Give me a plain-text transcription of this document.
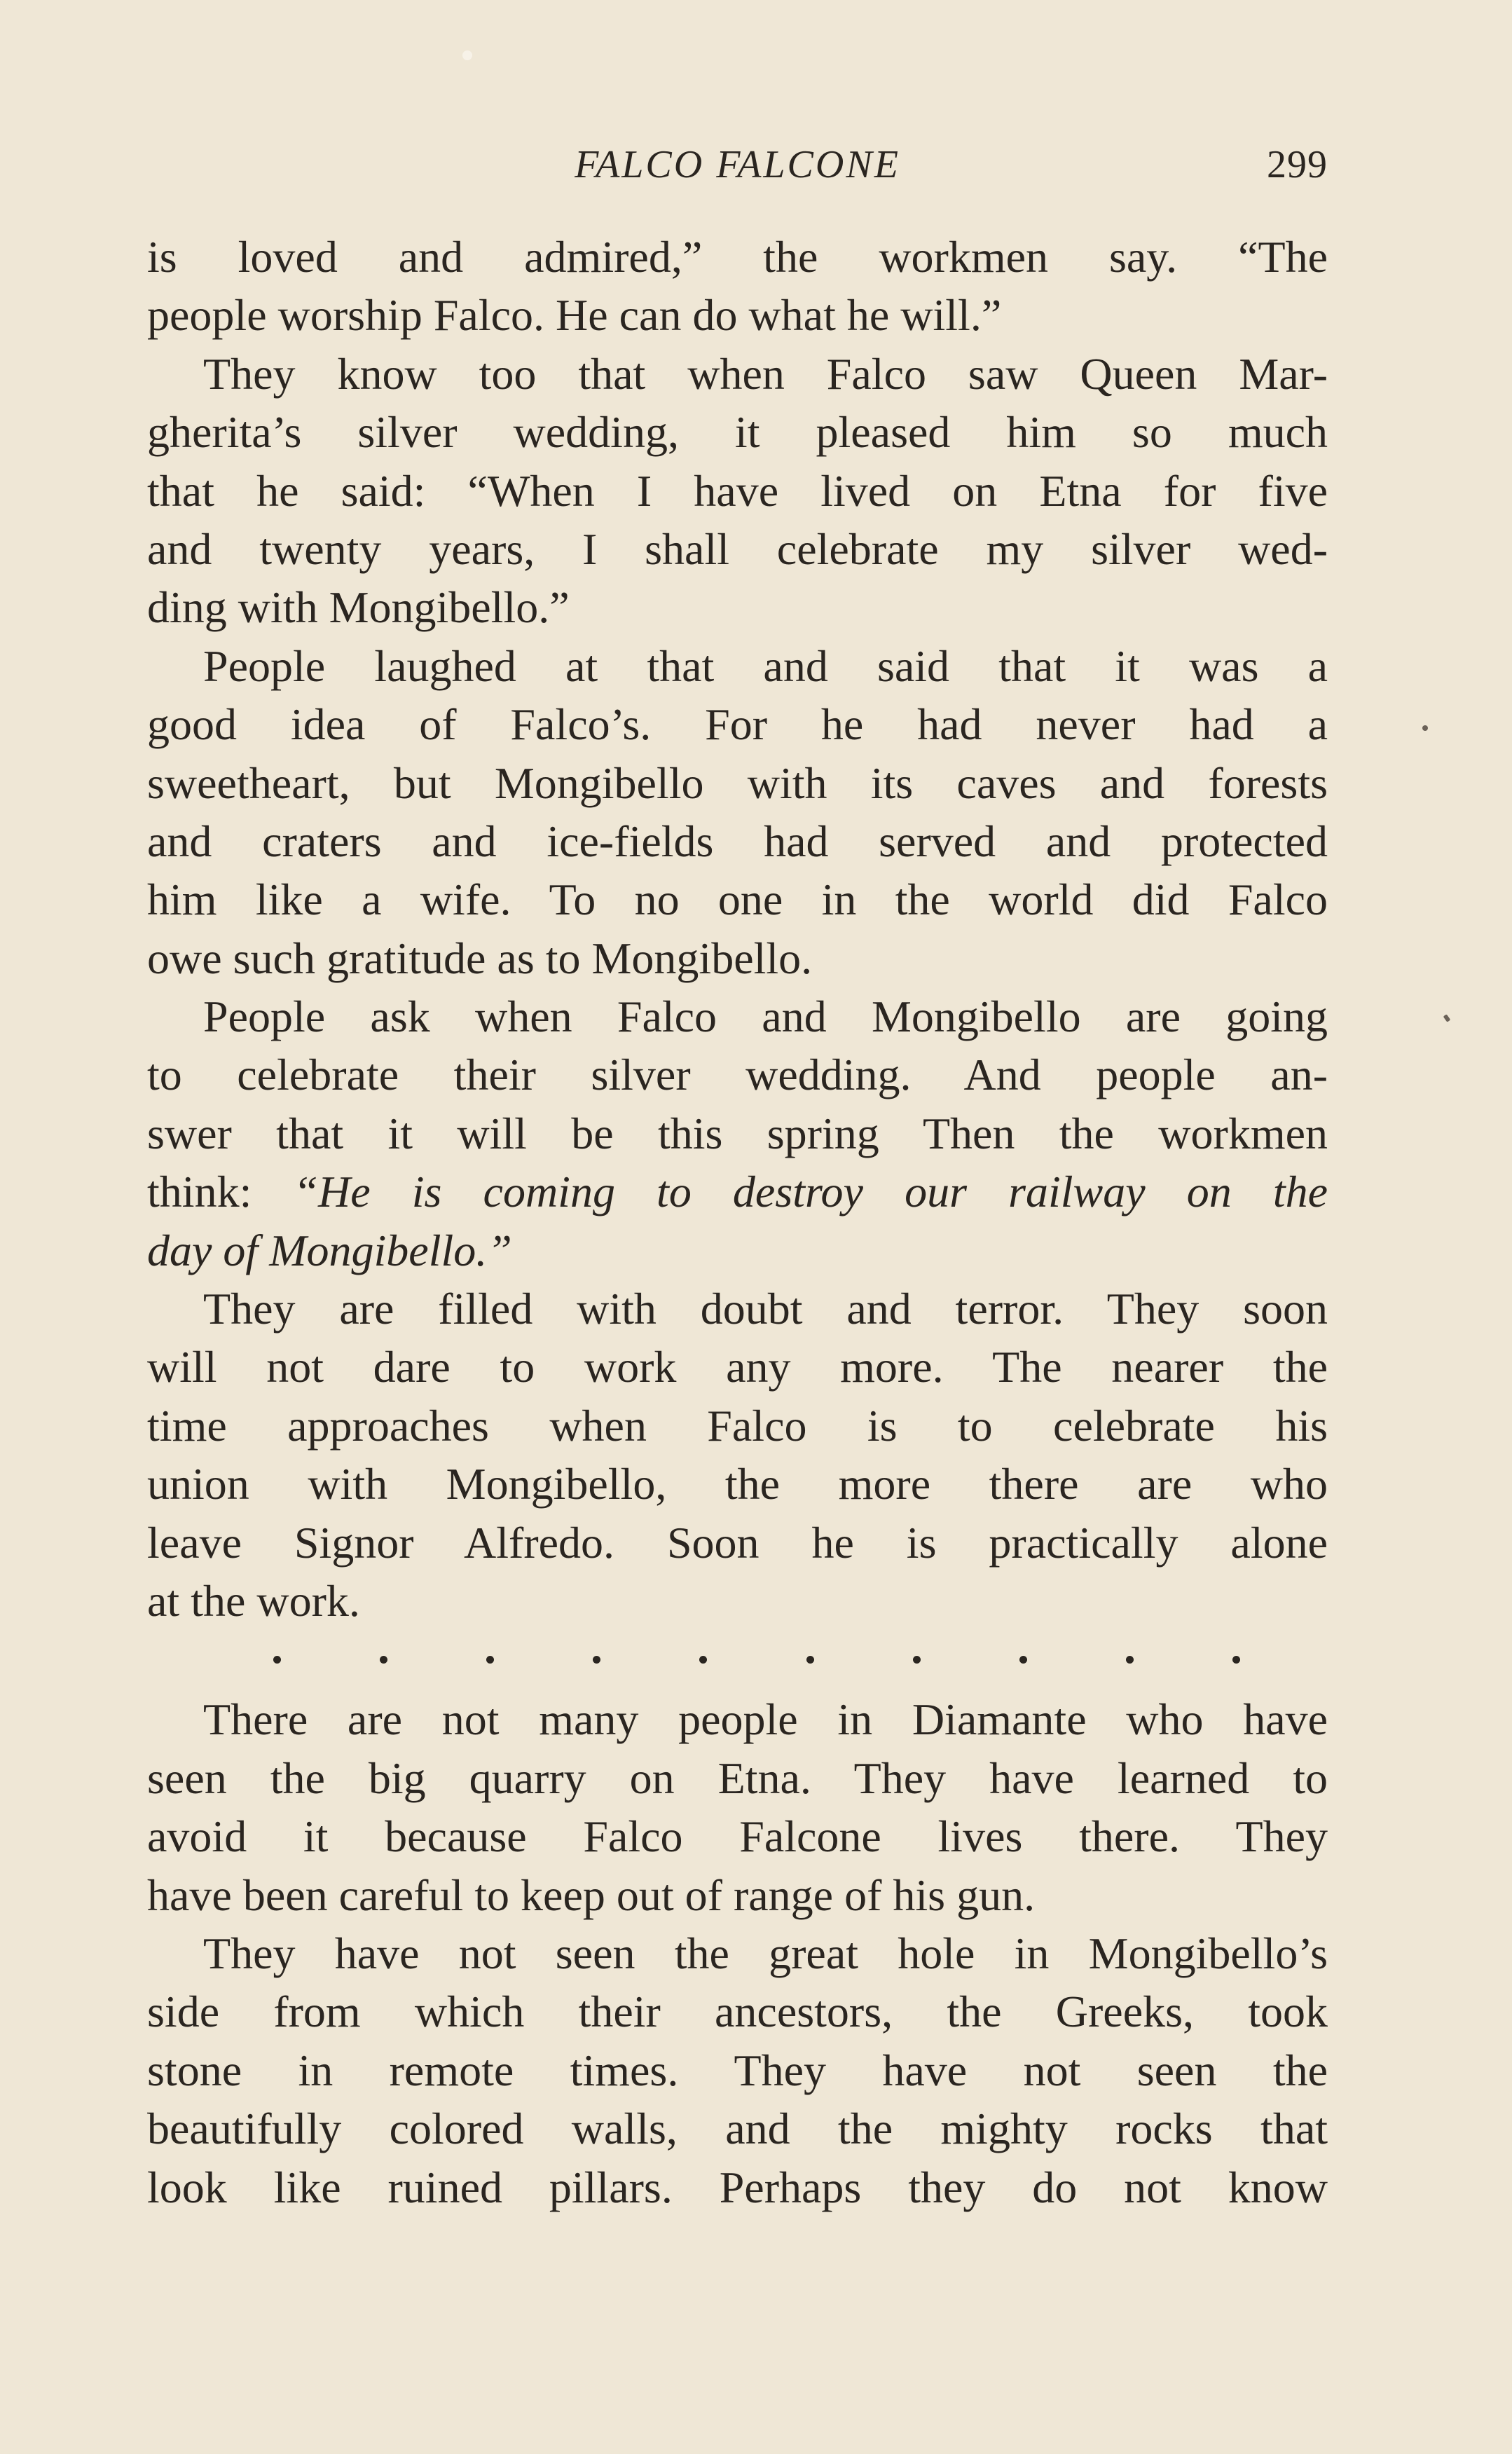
FALCO FALCONE	299
is loved and admired,” the workmen say. “The
people worship Falco. He can do what he will.”
They know too that when Falco saw Queen Mar-
gherita’s silver wedding, it pleased him so much
that he said: “When I have lived on Etna for five
and twenty years, I shall celebrate my silver wed-
ding with Mongibello.”
People laughed at that and said that it was a
good idea of Falco’s. For he had never had a
sweetheart, but Mongibello with its caves and forests
and craters and ice-fields had served and protected
him like a wife. To no one in the world did Falco
owe such gratitude as to Mongibello.
People ask when Falco and Mongibello are going
to celebrate their silver wedding. And people an-
swer that it will be this spring Then the workmen
think: “He is coming to destroy our railway on the
day of Mongibello.”
They are filled with doubt and terror. They soon
will not dare to work any more. The nearer the
time approaches when Falco is to celebrate his
union with Mongibello, the more there are who
leave Signor Alfredo. Soon he is practically alone
at the work.
There are not many people in Diamante who have
seen the big quarry on Etna. They have learned to
avoid it because Falco Falcone lives there. They
have been careful to keep out of range of his gun.
They have not seen the great hole in Mongibello’s
side from which their ancestors, the Greeks, took
stone in remote times. They have not seen the
beautifully colored walls, and the mighty rocks that
look like ruined pillars. Perhaps they do not know
